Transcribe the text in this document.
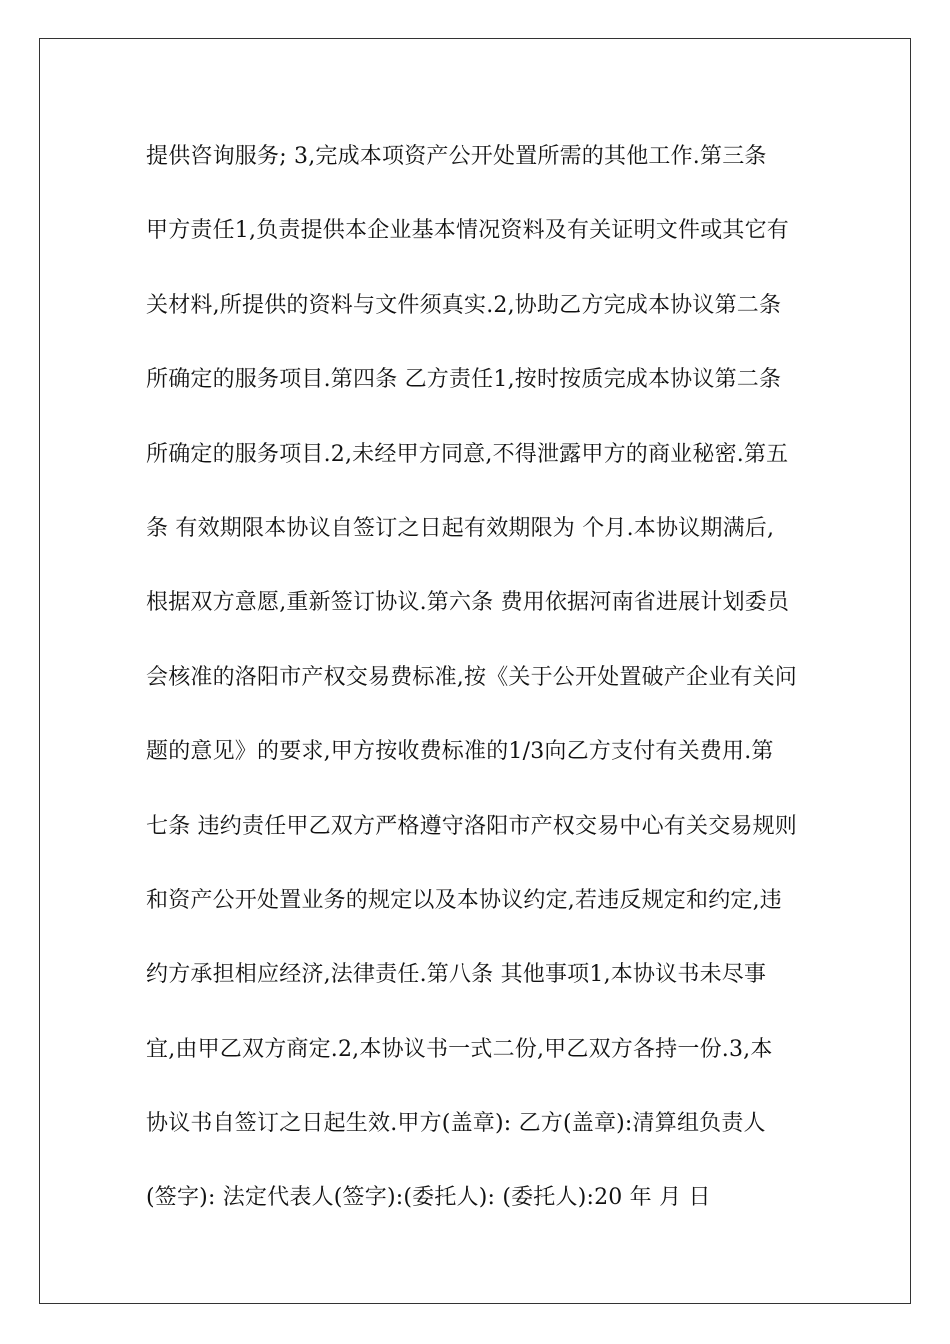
提供咨询服务; 3,完成本项资产公开处置所需的其他工作.第三条
甲方责任1,负责提供本企业基本情况资料及有关证明文件或其它有
关材料,所提供的资料与文件须真实.2,协助乙方完成本协议第二条
所确定的服务项目.第四条 乙方责任1,按时按质完成本协议第二条
所确定的服务项目.2,未经甲方同意,不得泄露甲方的商业秘密.第五
条 有效期限本协议自签订之日起有效期限为 个月.本协议期满后,
根据双方意愿,重新签订协议.第六条 费用依据河南省进展计划委员
会核准的洛阳市产权交易费标准,按《关于公开处置破产企业有关问
题的意见》的要求,甲方按收费标准的1/3向乙方支付有关费用.第
七条 违约责任甲乙双方严格遵守洛阳市产权交易中心有关交易规则
和资产公开处置业务的规定以及本协议约定,若违反规定和约定,违
约方承担相应经济,法律责任.第八条 其他事项1,本协议书未尽事
宜,由甲乙双方商定.2,本协议书一式二份,甲乙双方各持一份.3,本
协议书自签订之日起生效.甲方(盖章): 乙方(盖章):清算组负责人
(签字): 法定代表人(签字):(委托人): (委托人):20 年 月 日
